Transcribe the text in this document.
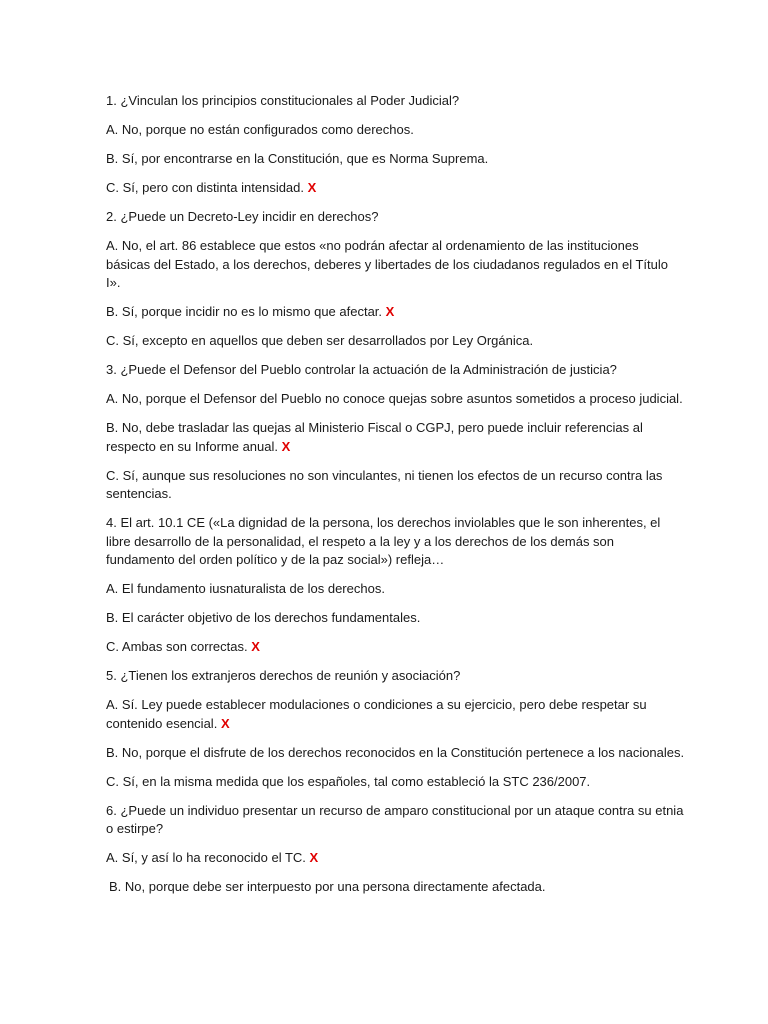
1. ¿Vinculan los principios constitucionales al Poder Judicial?
A. No, porque no están configurados como derechos.
B. Sí, por encontrarse en la Constitución, que es Norma Suprema.
C. Sí, pero con distinta intensidad. X
2. ¿Puede un Decreto-Ley incidir en derechos?
A. No, el art. 86 establece que estos «no podrán afectar al ordenamiento de las instituciones básicas del Estado, a los derechos, deberes y libertades de los ciudadanos regulados en el Título I».
B. Sí, porque incidir no es lo mismo que afectar. X
C. Sí, excepto en aquellos que deben ser desarrollados por Ley Orgánica.
3. ¿Puede el Defensor del Pueblo controlar la actuación de la Administración de justicia?
A. No, porque el Defensor del Pueblo no conoce quejas sobre asuntos sometidos a proceso judicial.
B. No, debe trasladar las quejas al Ministerio Fiscal o CGPJ, pero puede incluir referencias al respecto en su Informe anual. X
C. Sí, aunque sus resoluciones no son vinculantes, ni tienen los efectos de un recurso contra las sentencias.
4. El art. 10.1 CE («La dignidad de la persona, los derechos inviolables que le son inherentes, el libre desarrollo de la personalidad, el respeto a la ley y a los derechos de los demás son fundamento del orden político y de la paz social») refleja…
A. El fundamento iusnaturalista de los derechos.
B. El carácter objetivo de los derechos fundamentales.
C. Ambas son correctas. X
5. ¿Tienen los extranjeros derechos de reunión y asociación?
A. Sí. Ley puede establecer modulaciones o condiciones a su ejercicio, pero debe respetar su contenido esencial. X
B. No, porque el disfrute de los derechos reconocidos en la Constitución pertenece a los nacionales.
C. Sí, en la misma medida que los españoles, tal como estableció la STC 236/2007.
6. ¿Puede un individuo presentar un recurso de amparo constitucional por un ataque contra su etnia o estirpe?
A. Sí, y así lo ha reconocido el TC. X
B. No, porque debe ser interpuesto por una persona directamente afectada.
